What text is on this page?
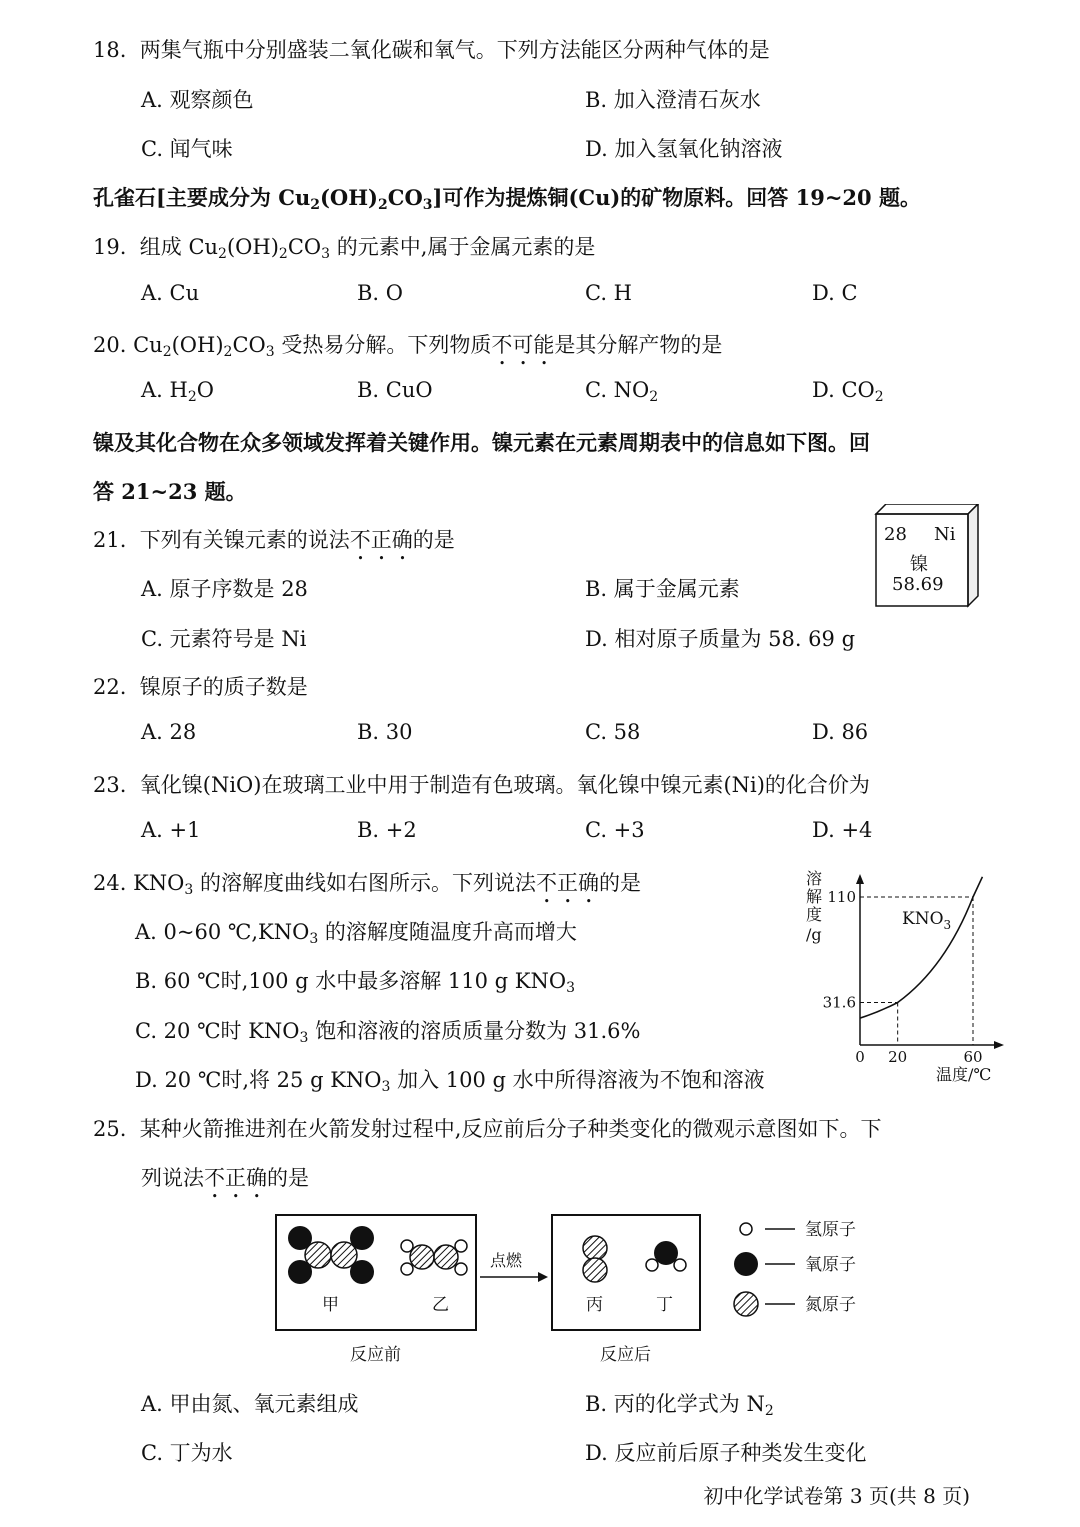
18. 两集气瓶中分别盛装二氧化碳和氧气。下列方法能区分两种气体的是
A. 观察颜色	B. 加入澄清石灰水
C. 闻气味	D. 加入氢氧化钠溶液
孔雀石[主要成分为 $Cu_2(OH)_2CO_3$]可作为提炼铜(Cu)的矿物原料。回答 19~20 题。
19. 组成 $Cu_2(OH)_2CO_3$ 的元素中,属于金属元素的是
A. Cu	B. O	C. H	D. C
20. $Cu_2(OH)_2CO_3$ 受热易分解。下列物质不可能是其分解产物的是
A. $H_2O$	B. CuO	C. $NO_2$	D. $CO_2$
镍及其化合物在众多领域发挥着关键作用。镍元素在元素周期表中的信息如下图。回
答 21~23 题。
28 Ni
镍
58.69
21. 下列有关镍元素的说法不正确的是
A. 原子序数是 28	B. 属于金属元素
C. 元素符号是 Ni	D. 相对原子质量为 58. 69 g
22. 镍原子的质子数是
A. 28	B. 30	C. 58	D. 86
23. 氧化镍(NiO)在玻璃工业中用于制造有色玻璃。氧化镍中镍元素(Ni)的化合价为
A. +1	B. +2	C. +3	D. +4
24. $KNO_3$ 的溶解度曲线如右图所示。下列说法不正确的是
A. 0~60 $℃,KNO_3$ 的溶解度随温度升高而增大
B. 60 ℃时,100 g 水中最多溶解 110 g $KNO_3$
C. 20 ℃时 $KNO_3$ 饱和溶液的溶质质量分数为 31.6%
D. 20 ℃时,将 25 g $KNO_3$ 加入 100 g 水中所得溶液为不饱和溶液
31.6
110
0 20	60
溶
解
度
/g
温度/℃
$KNO_3$
25. 某种火箭推进剂在火箭发射过程中,反应前后分子种类变化的微观示意图如下。下
列说法不正确的是
甲	乙
点燃
丙	丁
反应前	反应后
氢原子
氧原子
氮原子
A. 甲由氮、氧元素组成	B. 丙的化学式为 $N_2$
C. 丁为水	D. 反应前后原子种类发生变化
初中化学试卷第 3 页(共 8 页)
